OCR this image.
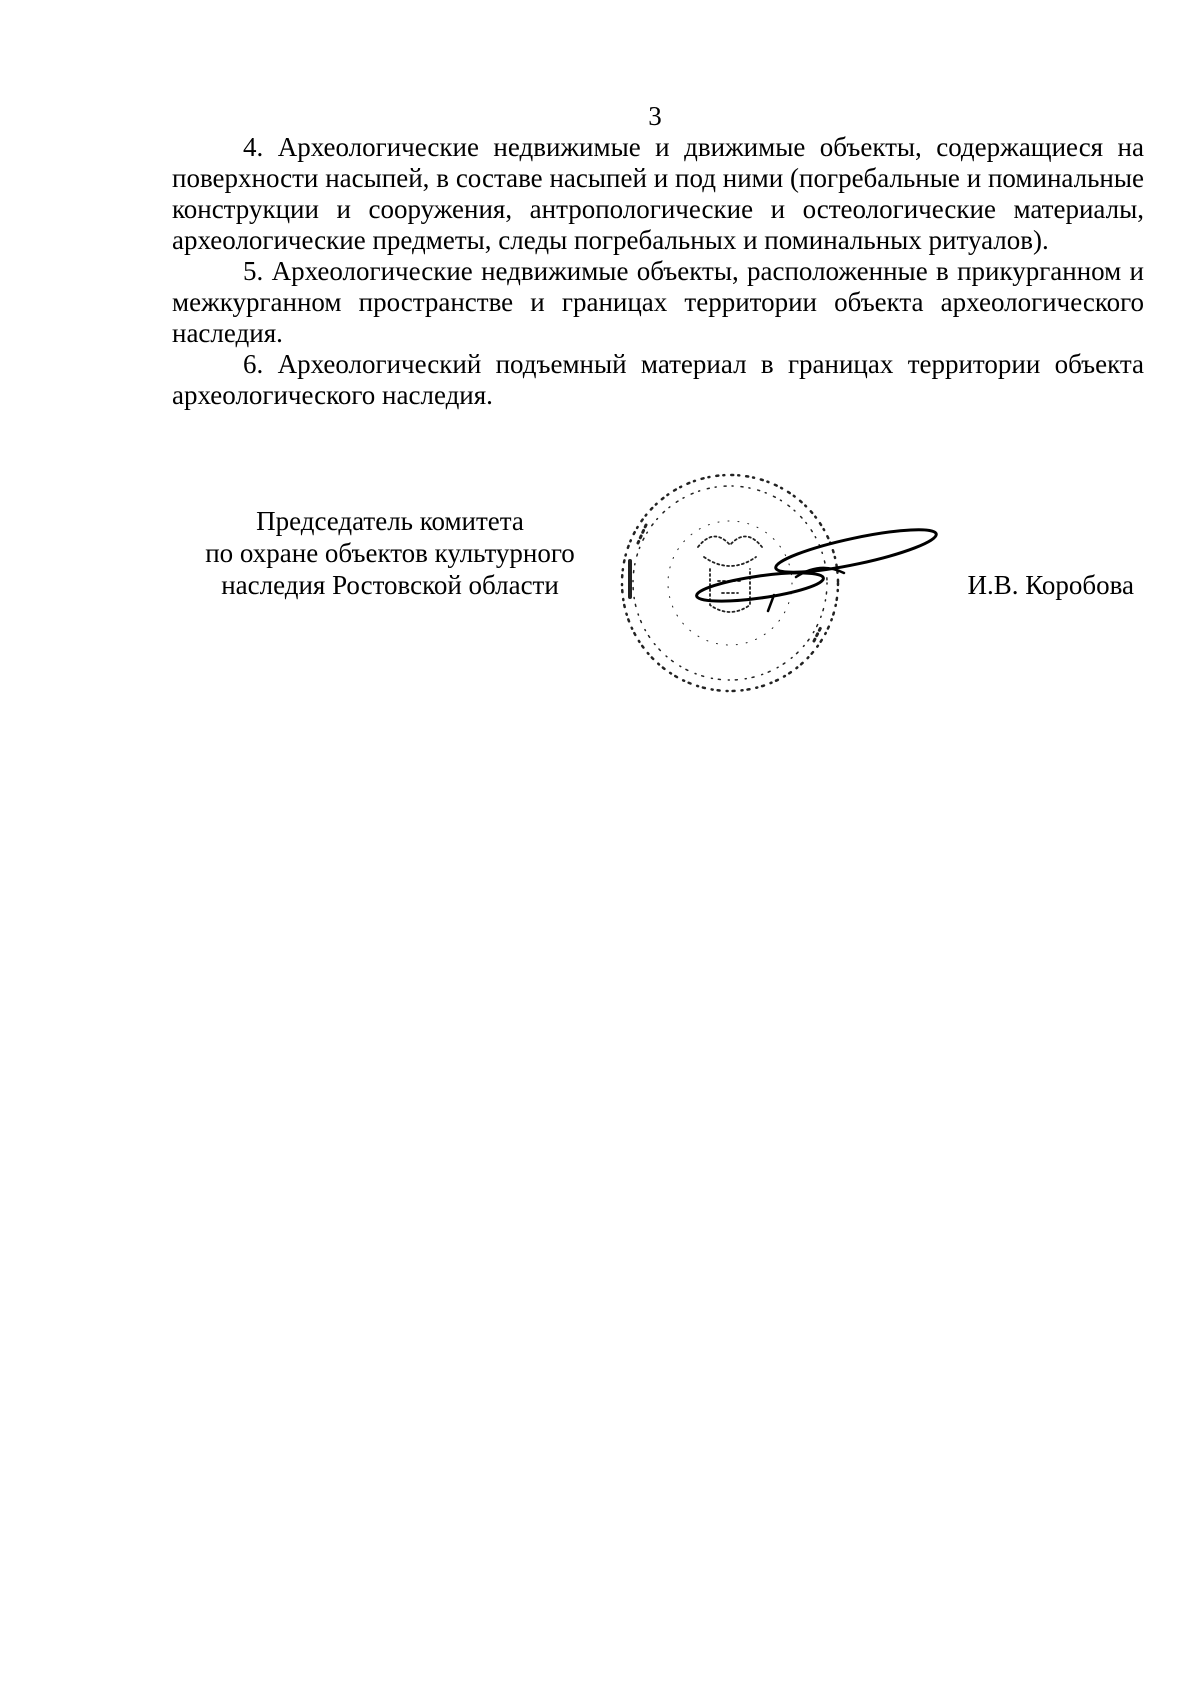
3

4. Археологические недвижимые и движимые объекты, содержащиеся на поверхности насыпей, в составе насыпей и под ними (погребальные и поминальные конструкции и сооружения, антропологические и остеологические материалы, археологические предметы, следы погребальных и поминальных ритуалов).

5. Археологические недвижимые объекты, расположенные в прикурганном и межкурганном пространстве и границах территории объекта археологического наследия.

6. Археологический подъемный материал в границах территории объекта археологического наследия.

Председатель комитета
по охране объектов культурного
наследия Ростовской области	И.В. Коробова
